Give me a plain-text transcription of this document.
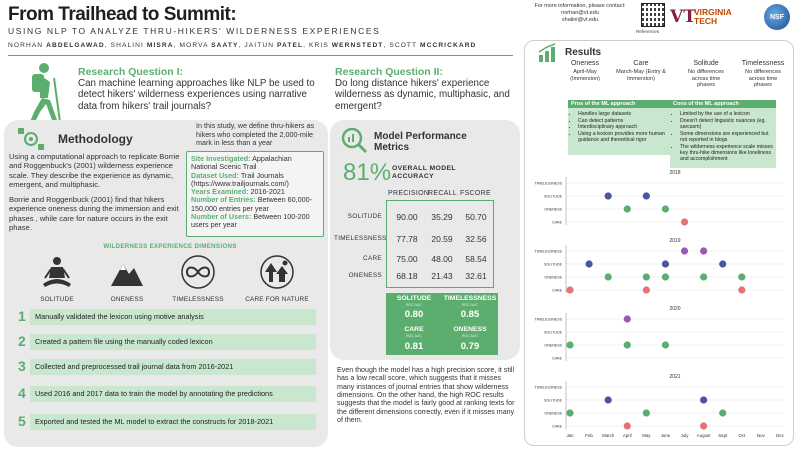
From Trailhead to Summit:
USING NLP TO ANALYZE THRU-HIKERS' WILDERNESS EXPERIENCES
NORHAN ABDELGAWAD, SHALINI MISRA, MORVA SAATY, JAITUN PATEL, KRIS WERNSTEDT, SCOTT MCCRICKARD
For more information, please contact:
norhan@vt.edu
shalini@vt.edu
References
VT
VIRGINIA
TECH	NSF
Research Question I:
Can machine learning approaches like NLP be used to detect hikers' wilderness experiences using narrative data from hikers' trail journals?
Methodology
Using a computational approach to replicate Borrie and Roggenbuck's (2001) wilderness experience scale. They describe the experience as dynamic, emergent, and multiphasic.
Borrie and Roggenbuck (2001) find that hikers experience oneness during the immersion and exit phases , while care for nature occurs in the exit phase.
In this study, we define thru-hikers as hikers who completed the 2,000-mile mark in less than a year
Site Investigated: Appalachian National Scenic Trail
Dataset Used: Trail Journals (https://www.trailjournals.com/)
Years Examined: 2016-2021
Number of Entries: Between 60,000-150,000 entries per year
Number of Users: Between 100-200 users per year
WILDERNESS EXPERIENCE DIMENSIONS
SOLITUDE	ONENESS	TIMELESSNESS	CARE FOR NATURE
1	Manually validated the lexicon using motive analysis
2	Created a pattern file using the manually coded lexicon
3	Collected and preprocessed trail journal data from 2016-2021
4	Used 2016 and 2017 data to train the model by annotating the predictions
5	Exported and tested the ML model to extract the constructs for 2018-2021
Research Question II:
Do long distance hikers' experience wilderness as dynamic, multiphasic, and emergent?
Model Performance
Metrics
81% OVERALL MODEL
ACCURACY
PRECISION
RECALL FSCORE
SOLITUDE	90.00	35.29	50.70
TIMELESSNESS	77.78	20.59	32.56
CARE	75.00	48.00	58.54
ONENESS	68.18	21.43	32.61
SOLITUDE
ROC AUC
0.80
TIMELESSNESS
ROC AUC
0.85
CARE
ROC AUC
0.81
ONENESS
ROC AUC
0.79
Even though the model has a high precision score, it still has a low recall score, which suggests that it misses many instances of journal entries that show wilderness dimensions. On the other hand, the high ROC results suggests that the model is fairly good at ranking texts for the different dimensions correctly, even if it misses many of them.
Results
Oneness
April-May (Immersion)
Care
March-May (Entry & Immersion)
Solitude
No differences across time phases
Timelessness
No differences across time phases
Pros of the ML approach
• Handles large datasets
• Can detect patterns
• Interdisciplinary approach
• Using a lexicon provides more human guidance and theoretical rigor
Cons of the ML approach
• Limited by the use of a lexicon
• Doesn't detect linguistic nuances (eg. sarcasm)
• Some dimensions are experienced but not reported in blogs
• The wilderness experience scale misses key thru-hike dimensions like loneliness and accomplishment
2018
TIMELESSNESS
SOLITUDE
ONENESS
CARE
2019
TIMELESSNESS
SOLITUDE
ONENESS
CARE
2020
TIMELESSNESS
SOLITUDE
ONENESS
CARE
2021
TIMELESSNESS
SOLITUDE
ONENESS
CARE
Jan	Feb March April May June July August Sept	Oct	Nov	Dec
